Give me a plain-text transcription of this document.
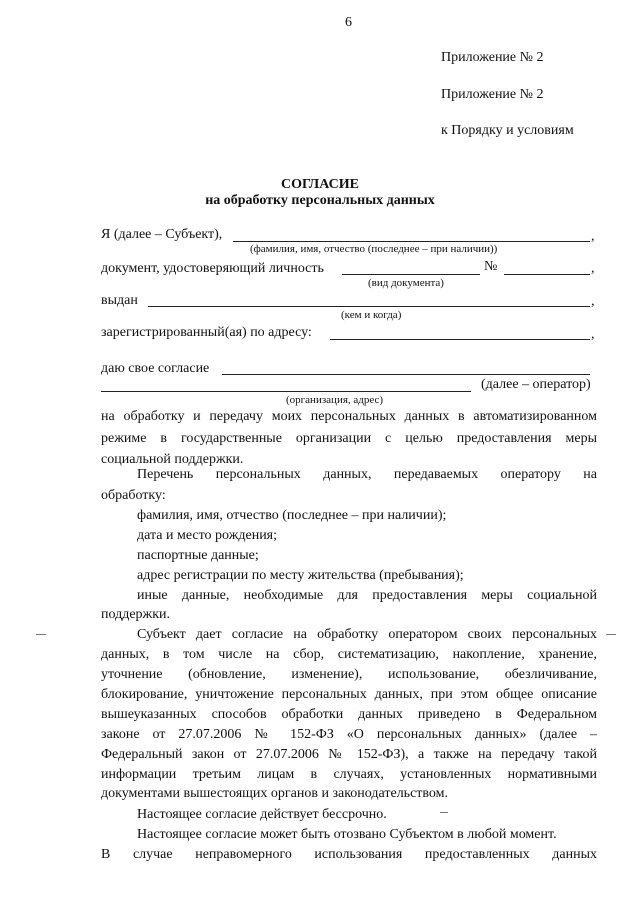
6
Приложение № 2
Приложение № 2
к Порядку и условиям
СОГЛАСИЕ
на обработку персональных данных
Я (далее – Субъект),	,
(фамилия, имя, отчество (последнее – при наличии))
документ, удостоверяющий личность	№	,
(вид документа)
выдан	,
(кем и когда)
зарегистрированный(ая) по адресу:	,
даю свое согласие
(далее – оператор)
(организация, адрес)
на обработку и передачу моих персональных данных в автоматизированном
режиме в государственные организации с целью предоставления меры
социальной поддержки.
Перечень персональных данных, передаваемых оператору на
обработку:
фамилия, имя, отчество (последнее – при наличии);
дата и место рождения;
паспортные данные;
адрес регистрации по месту жительства (пребывания);
иные данные, необходимые для предоставления меры социальной
поддержки.
Субъект дает согласие на обработку оператором своих персональных
данных, в том числе на сбор, систематизацию, накопление, хранение,
уточнение (обновление, изменение), использование, обезличивание,
блокирование, уничтожение персональных данных, при этом общее описание
вышеуказанных способов обработки данных приведено в Федеральном
законе от 27.07.2006 № 152-ФЗ «О персональных данных» (далее –
Федеральный закон от 27.07.2006 № 152-ФЗ), а также на передачу такой
информации третьим лицам в случаях, установленных нормативными
документами вышестоящих органов и законодательством.
Настоящее согласие действует бессрочно.
Настоящее согласие может быть отозвано Субъектом в любой момент.
В случае неправомерного использования предоставленных данных
